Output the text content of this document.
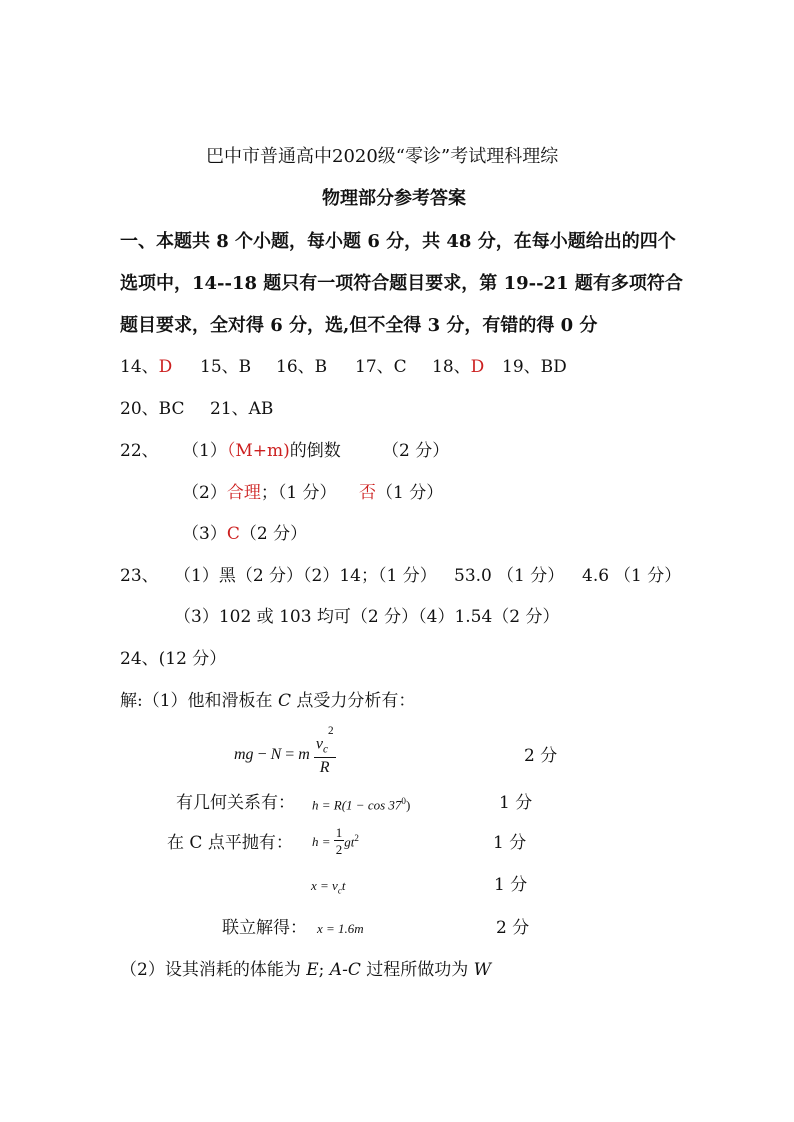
巴中市普通高中2020级“零诊”考试理科理综
物理部分参考答案
一、本题共 8 个小题，每小题 6 分，共 48 分，在每小题给出的四个
选项中，14--18 题只有一项符合题目要求，第 19--21 题有多项符合
题目要求，全对得 6 分，选,但不全得 3 分，有错的得 0 分
14、D 15、B 16、B 17、C 18、D 19、BD
20、BC 21、AB
22、 （1）（M+m)的倒数 （2 分）
（2）合理；（1 分） 否（1 分）
（3）C（2 分）
23、 （1）黑（2 分）（2）14；（1 分） 53.0 （1 分） 4.6 （1 分）
（3）102 或 103 均可（2 分）（4）1.54（2 分）
24、(12 分）
解:（1）他和滑板在 C 点受力分析有：
mg − N = m $\frac{v_c^2}{R}$	2 分
有几何关系有： $h = R(1 - \cos 37^0)$	1 分
在 C 点平抛有： $h = \frac{1}{2} gt^2$	1 分
$x = v_ct$	1 分
联立解得： x = 1.6m	2 分
（2）设其消耗的体能为 E; A-C 过程所做功为 W
